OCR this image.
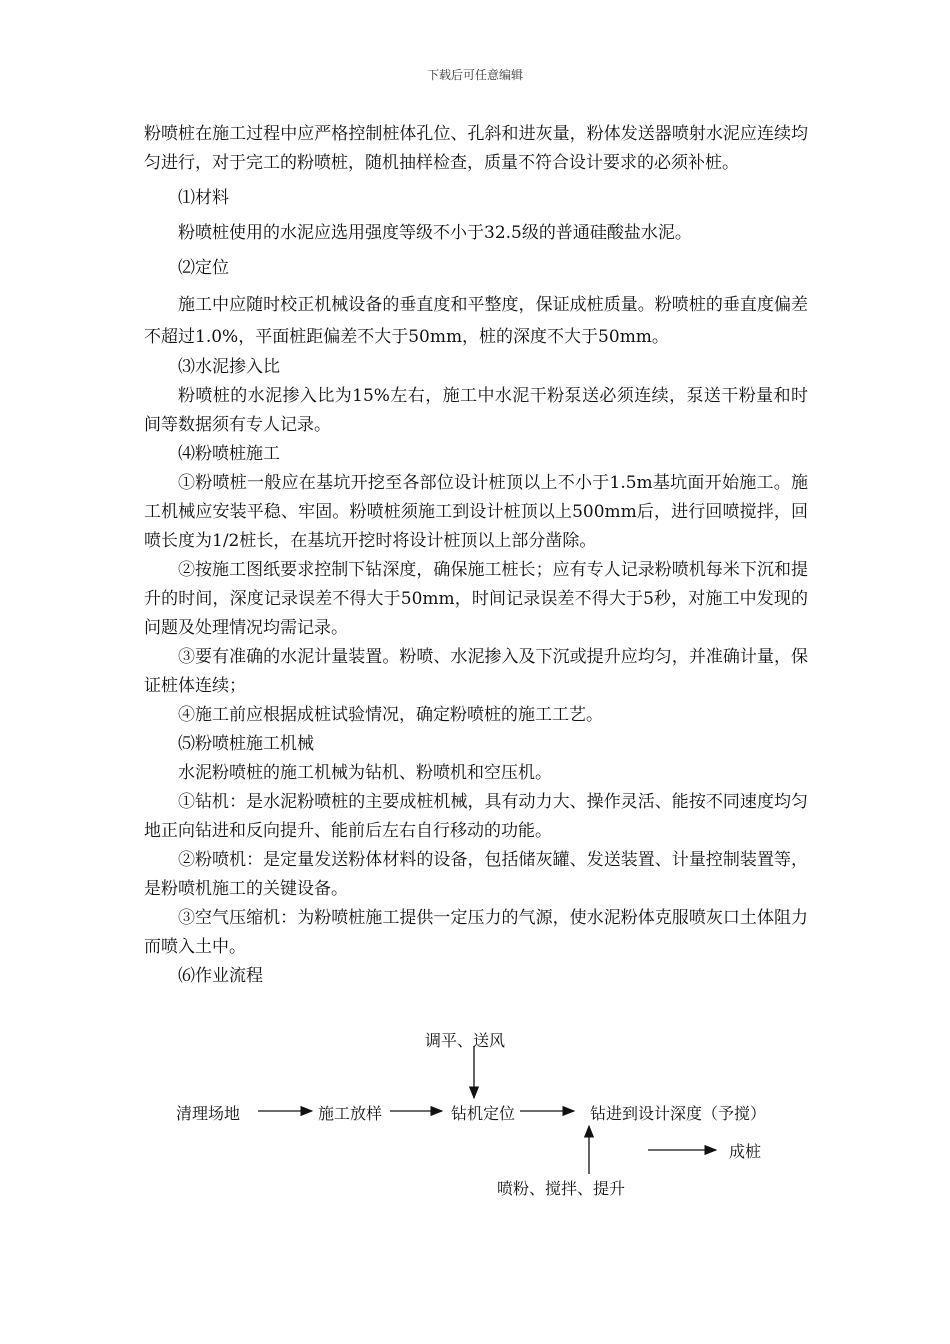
下载后可任意编辑

粉喷桩在施工过程中应严格控制桩体孔位、孔斜和进灰量，粉体发送器喷射水泥应连续均匀进行，对于完工的粉喷桩，随机抽样检查，质量不符合设计要求的必须补桩。

⑴材料

粉喷桩使用的水泥应选用强度等级不小于32.5级的普通硅酸盐水泥。

⑵定位

施工中应随时校正机械设备的垂直度和平整度，保证成桩质量。粉喷桩的垂直度偏差不超过1.0%，平面桩距偏差不大于50mm，桩的深度不大于50mm。

⑶水泥掺入比

粉喷桩的水泥掺入比为15%左右，施工中水泥干粉泵送必须连续，泵送干粉量和时间等数据须有专人记录。

⑷粉喷桩施工

①粉喷桩一般应在基坑开挖至各部位设计桩顶以上不小于1.5m基坑面开始施工。施工机械应安装平稳、牢固。粉喷桩须施工到设计桩顶以上500mm后，进行回喷搅拌，回喷长度为1/2桩长，在基坑开挖时将设计桩顶以上部分凿除。

②按施工图纸要求控制下钻深度，确保施工桩长；应有专人记录粉喷机每米下沉和提升的时间，深度记录误差不得大于50mm，时间记录误差不得大于5秒，对施工中发现的问题及处理情况均需记录。

③要有准确的水泥计量装置。粉喷、水泥掺入及下沉或提升应均匀，并准确计量，保证桩体连续；

④施工前应根据成桩试验情况，确定粉喷桩的施工工艺。

⑸粉喷桩施工机械

水泥粉喷桩的施工机械为钻机、粉喷机和空压机。

①钻机：是水泥粉喷桩的主要成桩机械，具有动力大、操作灵活、能按不同速度均匀地正向钻进和反向提升、能前后左右自行移动的功能。

②粉喷机：是定量发送粉体材料的设备，包括储灰罐、发送装置、计量控制装置等，是粉喷机施工的关键设备。

③空气压缩机：为粉喷桩施工提供一定压力的气源，使水泥粉体克服喷灰口土体阻力而喷入土中。

⑹作业流程

调平、送风
清理场地	施工放样	钻机定位	钻进到设计深度（予搅）
成桩
喷粉、搅拌、提升
